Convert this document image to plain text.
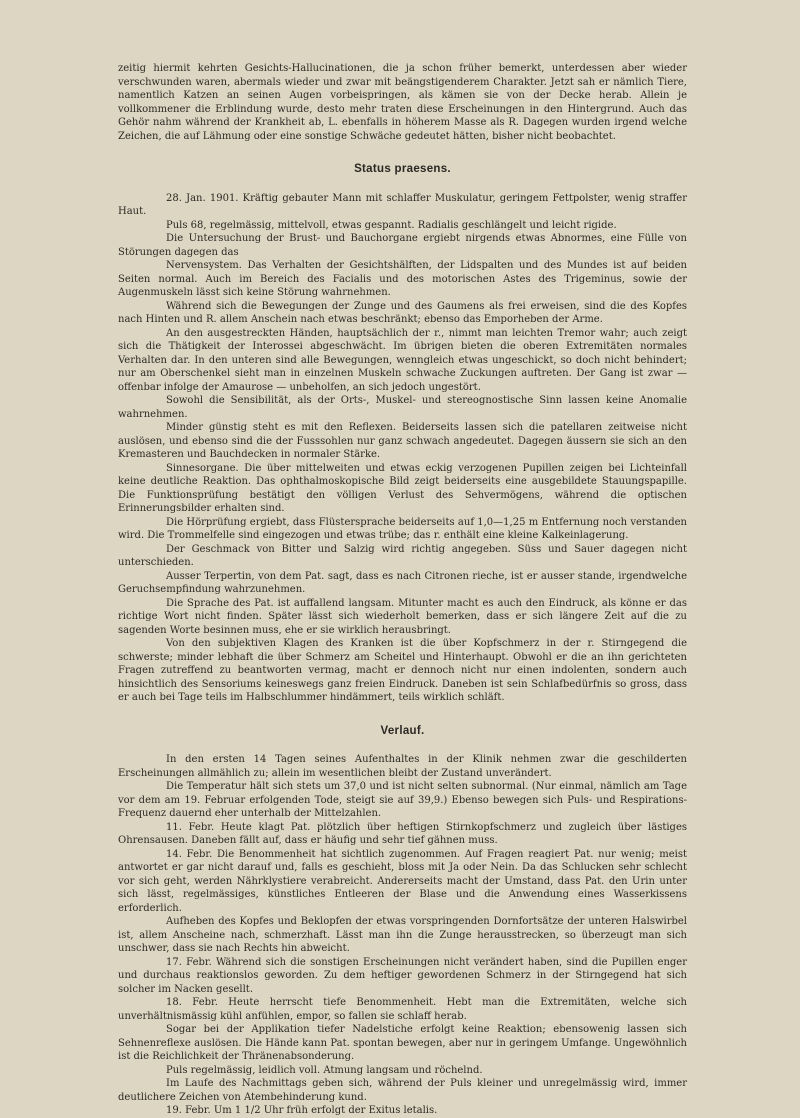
zeitig hiermit kehrten Gesichts-Hallucinationen, die ja schon früher bemerkt, unterdessen aber wieder verschwunden waren, abermals wieder und zwar mit beängstigenderem Charakter. Jetzt sah er nämlich Tiere, namentlich Katzen an seinen Augen vorbeispringen, als kämen sie von der Decke herab. Allein je vollkommener die Erblindung wurde, desto mehr traten diese Erscheinungen in den Hintergrund. Auch das Gehör nahm während der Krankheit ab, L. ebenfalls in höherem Masse als R. Dagegen wurden irgend welche Zeichen, die auf Lähmung oder eine sonstige Schwäche gedeutet hätten, bisher nicht beobachtet.

Status praesens.

28. Jan. 1901. Kräftig gebauter Mann mit schlaffer Muskulatur, geringem Fettpolster, wenig straffer Haut.

Puls 68, regelmässig, mittelvoll, etwas gespannt. Radialis geschlängelt und leicht rigide.

Die Untersuchung der Brust- und Bauchorgane ergiebt nirgends etwas Abnormes, eine Fülle von Störungen dagegen das

Nervensystem. Das Verhalten der Gesichtshälften, der Lidspalten und des Mundes ist auf beiden Seiten normal. Auch im Bereich des Facialis und des motorischen Astes des Trigeminus, sowie der Augenmuskeln lässt sich keine Störung wahrnehmen.

Während sich die Bewegungen der Zunge und des Gaumens als frei erweisen, sind die des Kopfes nach Hinten und R. allem Anschein nach etwas beschränkt; ebenso das Emporheben der Arme.

An den ausgestreckten Händen, hauptsächlich der r., nimmt man leichten Tremor wahr; auch zeigt sich die Thätigkeit der Interossei abgeschwächt. Im übrigen bieten die oberen Extremitäten normales Verhalten dar. In den unteren sind alle Bewegungen, wenngleich etwas ungeschickt, so doch nicht behindert; nur am Oberschenkel sieht man in einzelnen Muskeln schwache Zuckungen auftreten. Der Gang ist zwar — offenbar infolge der Amaurose — unbeholfen, an sich jedoch ungestört.

Sowohl die Sensibilität, als der Orts-, Muskel- und stereognostische Sinn lassen keine Anomalie wahrnehmen.

Minder günstig steht es mit den Reflexen. Beiderseits lassen sich die patellaren zeitweise nicht auslösen, und ebenso sind die der Fusssohlen nur ganz schwach angedeutet. Dagegen äussern sie sich an den Kremasteren und Bauchdecken in normaler Stärke.

Sinnesorgane. Die über mittelweiten und etwas eckig verzogenen Pupillen zeigen bei Lichteinfall keine deutliche Reaktion. Das ophthalmoskopische Bild zeigt beiderseits eine ausgebildete Stauungspapille. Die Funktionsprüfung bestätigt den völligen Verlust des Sehvermögens, während die optischen Erinnerungsbilder erhalten sind.

Die Hörprüfung ergiebt, dass Flüstersprache beiderseits auf 1,0—1,25 m Entfernung noch verstanden wird. Die Trommelfelle sind eingezogen und etwas trübe; das r. enthält eine kleine Kalkeinlagerung.

Der Geschmack von Bitter und Salzig wird richtig angegeben. Süss und Sauer dagegen nicht unterschieden.

Ausser Terpertin, von dem Pat. sagt, dass es nach Citronen rieche, ist er ausser stande, irgendwelche Geruchsempfindung wahrzunehmen.

Die Sprache des Pat. ist auffallend langsam. Mitunter macht es auch den Eindruck, als könne er das richtige Wort nicht finden. Später lässt sich wiederholt bemerken, dass er sich längere Zeit auf die zu sagenden Worte besinnen muss, ehe er sie wirklich herausbringt.

Von den subjektiven Klagen des Kranken ist die über Kopfschmerz in der r. Stirngegend die schwerste; minder lebhaft die über Schmerz am Scheitel und Hinterhaupt. Obwohl er die an ihn gerichteten Fragen zutreffend zu beantworten vermag, macht er dennoch nicht nur einen indolenten, sondern auch hinsichtlich des Sensoriums keineswegs ganz freien Eindruck. Daneben ist sein Schlafbedürfnis so gross, dass er auch bei Tage teils im Halbschlummer hindämmert, teils wirklich schläft.

Verlauf.

In den ersten 14 Tagen seines Aufenthaltes in der Klinik nehmen zwar die geschilderten Erscheinungen allmählich zu; allein im wesentlichen bleibt der Zustand unverändert.

Die Temperatur hält sich stets um 37,0 und ist nicht selten subnormal. (Nur einmal, nämlich am Tage vor dem am 19. Februar erfolgenden Tode, steigt sie auf 39,9.) Ebenso bewegen sich Puls- und Respirations-Frequenz dauernd eher unterhalb der Mittelzahlen.

11. Febr. Heute klagt Pat. plötzlich über heftigen Stirnkopfschmerz und zugleich über lästiges Ohrensausen. Daneben fällt auf, dass er häufig und sehr tief gähnen muss.

14. Febr. Die Benommenheit hat sichtlich zugenommen. Auf Fragen reagiert Pat. nur wenig; meist antwortet er gar nicht darauf und, falls es geschieht, bloss mit Ja oder Nein. Da das Schlucken sehr schlecht vor sich geht, werden Nährklystiere verabreicht. Andererseits macht der Umstand, dass Pat. den Urin unter sich lässt, regelmässiges, künstliches Entleeren der Blase und die Anwendung eines Wasserkissens erforderlich.

Aufheben des Kopfes und Beklopfen der etwas vorspringenden Dornfortsätze der unteren Halswirbel ist, allem Anscheine nach, schmerzhaft. Lässt man ihn die Zunge herausstrecken, so überzeugt man sich unschwer, dass sie nach Rechts hin abweicht.

17. Febr. Während sich die sonstigen Erscheinungen nicht verändert haben, sind die Pupillen enger und durchaus reaktionslos geworden. Zu dem heftiger gewordenen Schmerz in der Stirngegend hat sich solcher im Nacken gesellt.

18. Febr. Heute herrscht tiefe Benommenheit. Hebt man die Extremitäten, welche sich unverhältnismässig kühl anfühlen, empor, so fallen sie schlaff herab.

Sogar bei der Applikation tiefer Nadelstiche erfolgt keine Reaktion; ebensowenig lassen sich Sehnenreflexe auslösen. Die Hände kann Pat. spontan bewegen, aber nur in geringem Umfange. Ungewöhnlich ist die Reichlichkeit der Thränenabsonderung.

Puls regelmässig, leidlich voll. Atmung langsam und röchelnd.

Im Laufe des Nachmittags geben sich, während der Puls kleiner und unregelmässig wird, immer deutlichere Zeichen von Atembehinderung kund.

19. Febr. Um 1 1/2 Uhr früh erfolgt der Exitus letalis.
